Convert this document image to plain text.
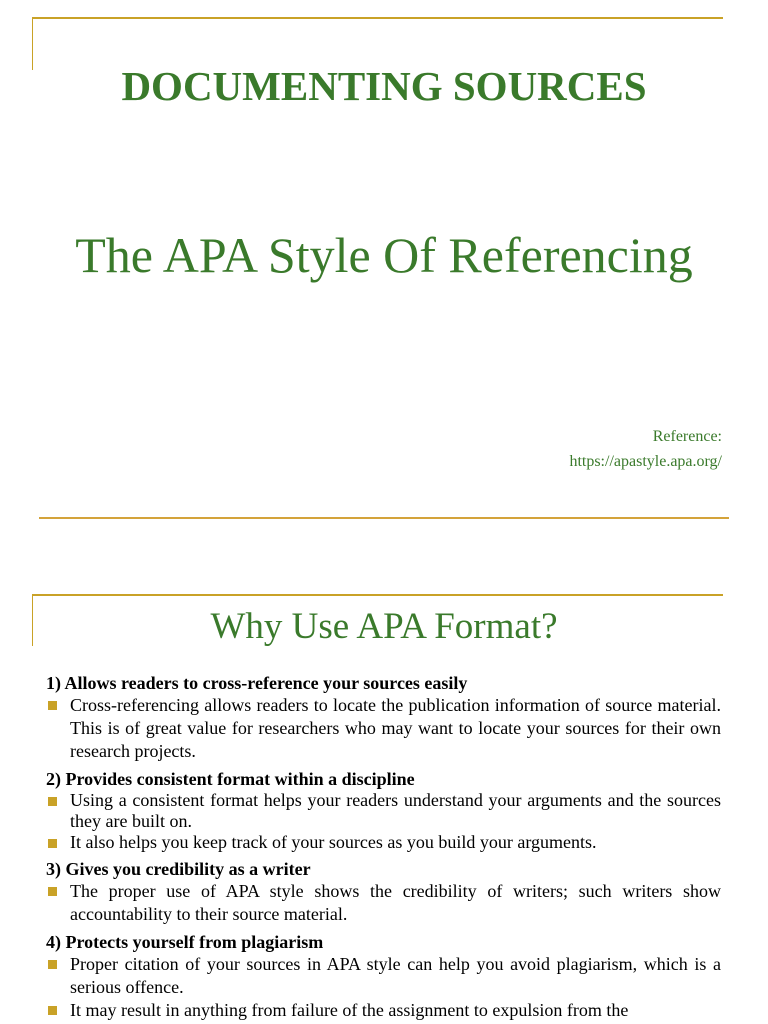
DOCUMENTING SOURCES
The APA Style Of Referencing
Reference:
https://apastyle.apa.org/
Why Use APA Format?

1) Allows readers to cross-reference your sources easily

Cross-referencing allows readers to locate the publication information of source material. This is of great value for researchers who may want to locate your sources for their own research projects.

2) Provides consistent format within a discipline

Using a consistent format helps your readers understand your arguments and the sources they are built on.

It also helps you keep track of your sources as you build your arguments.

3) Gives you credibility as a writer

The proper use of APA style shows the credibility of writers; such writers show accountability to their source material.

4) Protects yourself from plagiarism

Proper citation of your sources in APA style can help you avoid plagiarism, which is a serious offence.

It may result in anything from failure of the assignment to expulsion from the
